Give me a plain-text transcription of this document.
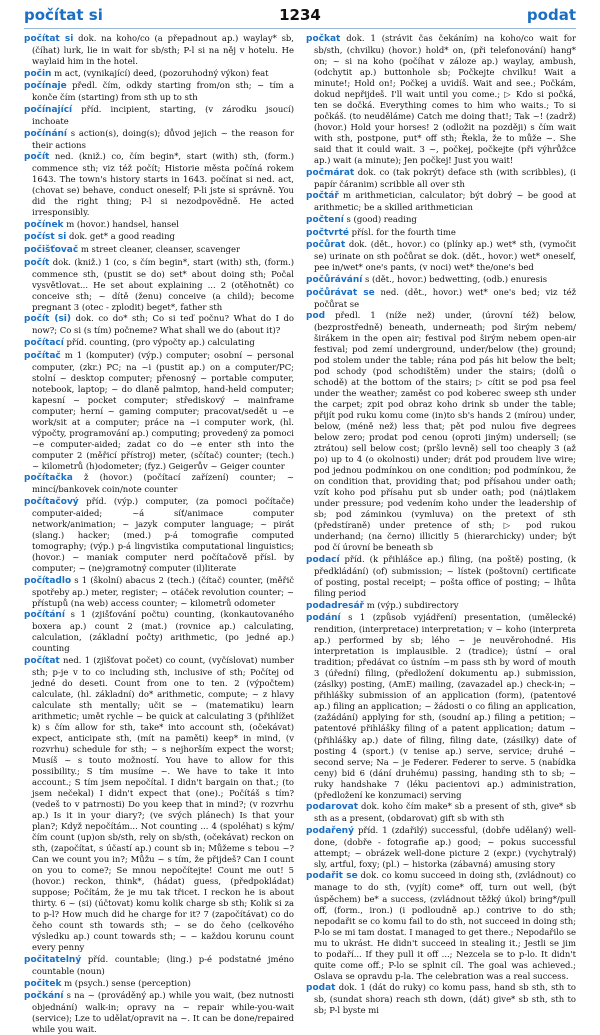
počítat si	1234	podat

počítat si dok. na koho/co (a přepadnout ap.) waylay* sb, (číhat) lurk, lie in wait for sb/sth; P-l si na něj v hotelu. He waylaid him in the hotel.

počin m act, (vynikající) deed, (pozoruhodný výkon) feat

počínaje předl. čím, odkdy starting from/on sth; ~ tím a konče čím (starting) from sth up to sth

počínající příd. incipient, starting, (v zárodku jsoucí) inchoate

počínání s action(s), doing(s); důvod jejich ~ the reason for their actions

počít ned. (kniž.) co, čím begin*, start (with) sth, (form.) commence sth; viz též počít; Historie města počíná rokem 1643. The town's history starts in 1643. počínat si ned. act, (chovat se) behave, conduct oneself; P-li jste si správně. You did the right thing; P-l si nezodpovědně. He acted irresponsibly.

počínek m (hovor.) handsel, hansel

počíst si dok. get* a good reading

počišťovač m street cleaner, cleanser, scavenger

počít dok. (kniž.) 1 (co, s čím begin*, start (with) sth, (form.) commence sth, (pustit se do) set* about doing sth; Počal vysvětlovat... He set about explaining ... 2 (otěhotnět) co conceive sth; ~ dítě (ženu) conceive (a child); become pregnant 3 (otec - zplodit) beget*, father sth

počít (si) dok. co do* sth; Co si teď počnu? What do I do now?; Co si (s tím) počneme? What shall we do (about it)?

počítací příd. counting, (pro výpočty ap.) calculating

počítač m 1 (komputer) (výp.) computer; osobní ~ personal computer, (zkr.) PC; na ~i (pustit ap.) on a computer/PC; stolní ~ desktop computer; přenosný ~ portable computer, notebook, laptop; ~ do dlaně palmtop, hand-held computer; kapesní ~ pocket computer; střediskový ~ mainframe computer; herní ~ gaming computer; pracovat/sedět u ~e work/sit at a computer; práce na ~i computer work, (hl. výpočty, programování ap.) computing; provedený za pomoci ~e computer-aided; zadat co do ~e enter sth into the computer 2 (měřicí přístroj) meter, (sčítač) counter; (tech.) ~ kilometrů (h)odometer; (fyz.) Geigerův ~ Geiger counter

počítačka ž (hovor.) (počítací zařízení) counter; ~ mincí/bankovek coin/note counter

počítačový příd. (výp.) computer, (za pomoci počítače) computer-aided; ~á síť/animace computer network/animation; ~ jazyk computer language; ~ pirát (slang.) hacker; (med.) p-á tomografie computed tomography; (výp.) p-á lingvistika computational linguistics; (hovor.) ~ maniak computer nerd počítačově přísl. by computer; ~ (ne)gramotný computer (il)literate

počítadlo s 1 (školní) abacus 2 (tech.) (čítač) counter, (měřič spotřeby ap.) meter, register; ~ otáček revolution counter; ~ přístupů (na web) access counter; ~ kilometrů odometer

počítání s 1 (zjišťování počtu) counting, (konkautovaného boxera ap.) count 2 (mat.) (rovnice ap.) calculating, calculation, (základní počty) arithmetic, (po jedné ap.) counting

počítat ned. 1 (zjišťovat počet) co count, (vyčíslovat) number sth; p-je v to co including sth, inclusive of sth; Počítej od jedné do deseti. Count from one to ten. 2 (výpočtem) calculate, (hl. základní) do* arithmetic, compute; ~ z hlavy calculate sth mentally; učit se ~ (matematiku) learn arithmetic; umět rychle ~ be quick at calculating 3 (přihlížet k) s čím allow for sth, take* into account sth, (očekávat) expect, anticipate sth, (mít na paměti) keep* in mind, (v rozvrhu) schedule for sth; ~ s nejhorším expect the worst; Musíš ~ s touto možností. You have to allow for this possibility.; S tím musíme ~. We have to take it into account.; S tím jsem nepočítal. I didn't bargain on that.; (to jsem nečekal) I didn't expect that (one).; Počítáš s tím? (vedeš to v patrnosti) Do you keep that in mind?; (v rozvrhu ap.) Is it in your diary?; (ve svých plánech) Is that your plan?; Když nepočítám... Not counting ... 4 (spoléhat) s kým/čím count (up)on sb/sth, rely on sb/sth, (očekávat) reckon on sth, (započítat, s účastí ap.) count sb in; Můžeme s tebou ~? Can we count you in?; Můžu ~ s tím, že přijdeš? Can I count on you to come?; Se mnou nepočítejte! Count me out! 5 (hovor.) reckon, think*, (hádat) guess, (předpokládat) suppose; Počítám, že je mu tak třicet. I reckon he is about thirty. 6 ~ (si) (účtovat) komu kolik charge sb sth; Kolik si za to p-l? How much did he charge for it? 7 (započítávat) co do čeho count sth towards sth; ~ se do čeho (celkového výsledku ap.) count towards sth; ~ ~ každou korunu count every penny

počitatelný příd. countable; (ling.) p-é podstatné jméno countable (noun)

počitek m (psych.) sense (perception)

počkání s na ~ (prováděný ap.) while you wait, (bez nutnosti objednání) walk-in; opravy na ~ repair while-you-wait (service); Lze to udělat/opravit na ~. It can be done/repaired while you wait.

počkat dok. 1 (strávit čas čekáním) na koho/co wait for sb/sth, (chvilku) (hovor.) hold* on, (při telefonování) hang* on; ~ si na koho (počíhat v záloze ap.) waylay, ambush, (odchytit ap.) buttonhole sb; Počkejte chvilku! Wait a minute!; Hold on!; Počkej a uvidíš. Wait and see.; Počkám, dokud nepřijdeš. I'll wait until you come.; ▷ Kdo si počká, ten se dočká. Everything comes to him who waits.; To si počkáš. (to neuděláme) Catch me doing that!; Tak ~! (zadrž) (hovor.) Hold your horses! 2 (odložit na později) s čím wait with sth, postpone, put* off sth; Řekla, že to může ~. She said that it could wait. 3 ~, počkej, počkejte (při výhrůžce ap.) wait (a minute); Jen počkej! Just you wait!

počmárat dok. co (tak pokrýt) deface sth (with scribbles), (i papír čáranim) scribble all over sth

počtář m arithmetician, calculator; být dobrý ~ be good at arithmetic; be a skilled arithmetician

počtení s (good) reading

počtvrté přísl. for the fourth time

počůrat dok. (dět., hovor.) co (plínky ap.) wet* sth, (vymočit se) urinate on sth počůrat se dok. (dět., hovor.) wet* oneself, pee in/wet* one's pants, (v noci) wet* the/one's bed

počůrávání s (dět., hovor.) bedwetting, (odb.) enuresis

počůrávat se ned. (dět., hovor.) wet* one's bed; viz též počůrat se

pod předl. 1 (níže než) under, (úrovní též) below, (bezprostředně) beneath, underneath; pod širým nebem/širákem in the open air; festival pod širým nebem open-air festival; pod zemí underground, under/below (the) ground; pod stolem under the table; rána pod pás hit below the belt; pod schody (pod schodištěm) under the stairs; (dolů o schodě) at the bottom of the stairs; ▷ cítit se pod psa feel under the weather; zaměst co pod koberec sweep sth under the carpet; zpit pod obraz koho drink sb under the table; přijít pod ruku komu come (in)to sb's hands 2 (mírou) under, below, (méně než) less that; pět pod nulou five degrees below zero; prodat pod cenou (oproti jiným) undersell; (se ztrátou) sell below cost; (pršlo levně) sell too cheaply 3 (až po) up to 4 (o okolnosti) under; drát pod proudem live wire; pod jednou podmínkou on one condition; pod podmínkou, že on condition that, providing that; pod přísahou under oath; vzít koho pod přísahu put sb under oath; pod (ná)tlakem under pressure; pod vedením koho under the leadership of sb; pod záminkou (vymluva) on the pretext of sth (předstíraně) under pretence of sth; ▷ pod rukou underhand; (na černo) illicitly 5 (hierarchicky) under; být pod čí úrovní be beneath sb

podací příd. (k přihlášce ap.) filing, (na poště) posting, (k předkládání) (of) submission; ~ lístek (poštovní) certificate of posting, postal receipt; ~ pošta office of posting; ~ lhůta filing period

podadresář m (výp.) subdirectory

podání s 1 (způsob vyjádření) presentation, (umělecké) rendition, (interpretace) interpretation; v ~ koho (interpreta ap.) performed by sb; lého ~ je neuvěrohodné. His interpretation is implausible. 2 (tradice); ústní ~ oral tradition; předávat co ústním ~m pass sth by word of mouth 3 (úřední) filing, (předložení dokumentu ap.) submission, (záslky) posting, (AmE) mailing, (zavazadel ap.) check-in; ~ přihlášky submission of an application (form), (patentové ap.) filing an application; ~ žádosti o co filing an application, (zažádání) applying for sth, (soudní ap.) filing a petition; ~ patentové přihlášky filing of a patent application; datum ~ (přihlášky ap.) date of filing, filing date, (zásilky) date of posting 4 (sport.) (v tenise ap.) serve, service; druhé ~ second serve; Na ~ je Federer. Federer to serve. 5 (nabídka ceny) bid 6 (dání druhému) passing, handing sth to sb; ~ ruky handshake 7 (léku pacientovi ap.) administration, (předložení ke konzumaci) serving

podarovat dok. koho čím make* sb a present of sth, give* sb sth as a present, (obdarovat) gift sb with sth

podařený příd. 1 (zdařilý) successful, (dobře udělaný) well-done, (dobře - fotografie ap.) good; ~ pokus successful attempt; ~ obrázek well-done picture 2 (expr.) (vychytralý) sly, artful, foxy; (pl.) ~ historka (zábavná) amusing story

podařit se dok. co komu succeed in doing sth, (zvládnout) co manage to do sth, (vyjít) come* off, turn out well, (být úspěchem) be* a success, (zvládnout těžký úkol) bring*/pull off, (form., iron.) (i podloudně ap.) contrive to do sth; nepodařit se co komu fail to do sth, not succeed in doing sth; P-lo se mi tam dostat. I managed to get there.; Nepodařilo se mu to ukrást. He didn't succeed in stealing it.; Jestli se jim to podaří... If they pull it off ...; Nezcela se to p-lo. It didn't quite come off.; P-lo se splnit cíl. The goal was achieved.; Oslava se opravdu p-la. The celebration was a real success.

podat dok. 1 (dát do ruky) co komu pass, hand sb sth, sth to sb, (sundat shora) reach sth down, (dát) give* sb sth, sth to sb; P-l byste mi
